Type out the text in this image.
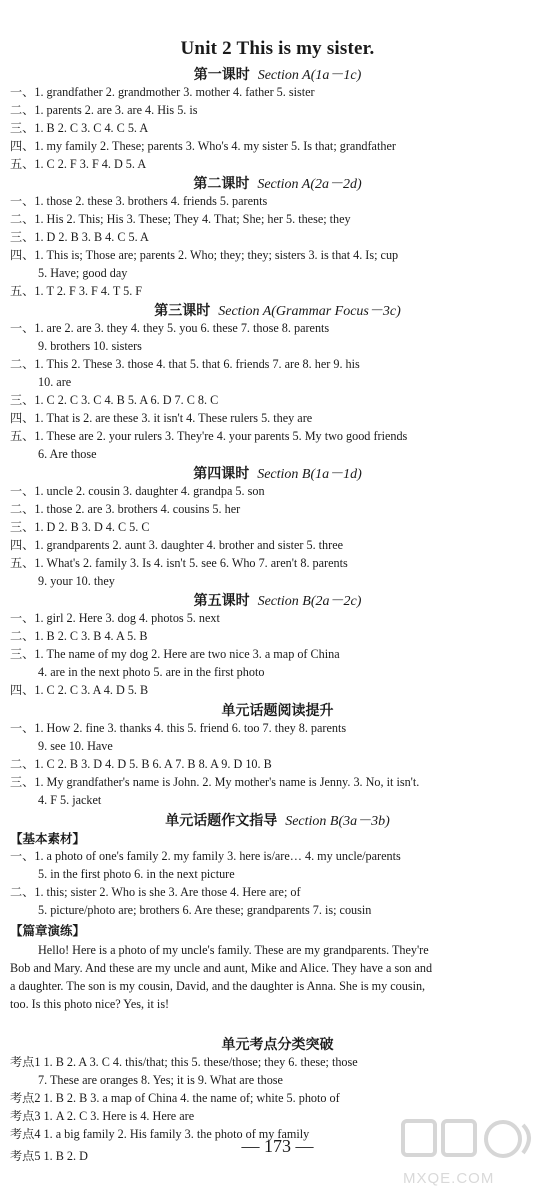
Unit 2 This is my sister.
第一课时 Section A(1a－1c)
第二课时 Section A(2a－2d)
第三课时 Section A(Grammar Focus－3c)
第四课时 Section B(1a－1d)
第五课时 Section B(2a－2c)
单元话题阅读提升
单元话题作文指导 Section B(3a－3b)
单元考点分类突破
【基本素材】
【篇章演练】
一、1. grandfather 2. grandmother 3. mother 4. father 5. sister
二、1. parents 2. are 3. are 4. His 5. is
三、1. B 2. C 3. C 4. C 5. A
四、1. my family 2. These; parents 3. Who's 4. my sister 5. Is that; grandfather
五、1. C 2. F 3. F 4. D 5. A
一、1. those 2. these 3. brothers 4. friends 5. parents
二、1. His 2. This; His 3. These; They 4. That; She; her 5. these; they
三、1. D 2. B 3. B 4. C 5. A
四、1. This is; Those are; parents 2. Who; they; they; sisters 3. is that 4. Is; cup
5. Have; good day
五、1. T 2. F 3. F 4. T 5. F
一、1. are 2. are 3. they 4. they 5. you 6. these 7. those 8. parents
9. brothers 10. sisters
二、1. This 2. These 3. those 4. that 5. that 6. friends 7. are 8. her 9. his
10. are
三、1. C 2. C 3. C 4. B 5. A 6. D 7. C 8. C
四、1. That is 2. are these 3. it isn't 4. These rulers 5. they are
五、1. These are 2. your rulers 3. They're 4. your parents 5. My two good friends
6. Are those
一、1. uncle 2. cousin 3. daughter 4. grandpa 5. son
二、1. those 2. are 3. brothers 4. cousins 5. her
三、1. D 2. B 3. D 4. C 5. C
四、1. grandparents 2. aunt 3. daughter 4. brother and sister 5. three
五、1. What's 2. family 3. Is 4. isn't 5. see 6. Who 7. aren't 8. parents
9. your 10. they
一、1. girl 2. Here 3. dog 4. photos 5. next
二、1. B 2. C 3. B 4. A 5. B
三、1. The name of my dog 2. Here are two nice 3. a map of China
4. are in the next photo 5. are in the first photo
四、1. C 2. C 3. A 4. D 5. B
一、1. How 2. fine 3. thanks 4. this 5. friend 6. too 7. they 8. parents
9. see 10. Have
二、1. C 2. B 3. D 4. D 5. B 6. A 7. B 8. A 9. D 10. B
三、1. My grandfather's name is John. 2. My mother's name is Jenny. 3. No, it isn't.
4. F 5. jacket
一、1. a photo of one's family 2. my family 3. here is/are… 4. my uncle/parents
5. in the first photo 6. in the next picture
二、1. this; sister 2. Who is she 3. Are those 4. Here are; of
5. picture/photo are; brothers 6. Are these; grandparents 7. is; cousin
Hello! Here is a photo of my uncle's family. These are my grandparents. They're
Bob and Mary. And these are my uncle and aunt, Mike and Alice. They have a son and
a daughter. The son is my cousin, David, and the daughter is Anna. She is my cousin,
too. Is this photo nice? Yes, it is!
考点1 1. B 2. A 3. C 4. this/that; this 5. these/those; they 6. these; those
7. These are oranges 8. Yes; it is 9. What are those
考点2 1. B 2. B 3. a map of China 4. the name of; white 5. photo of
考点3 1. A 2. C 3. Here is 4. Here are
考点4 1. a big family 2. His family 3. the photo of my family
考点5 1. B 2. D	— 173 —
MXQE.COM
